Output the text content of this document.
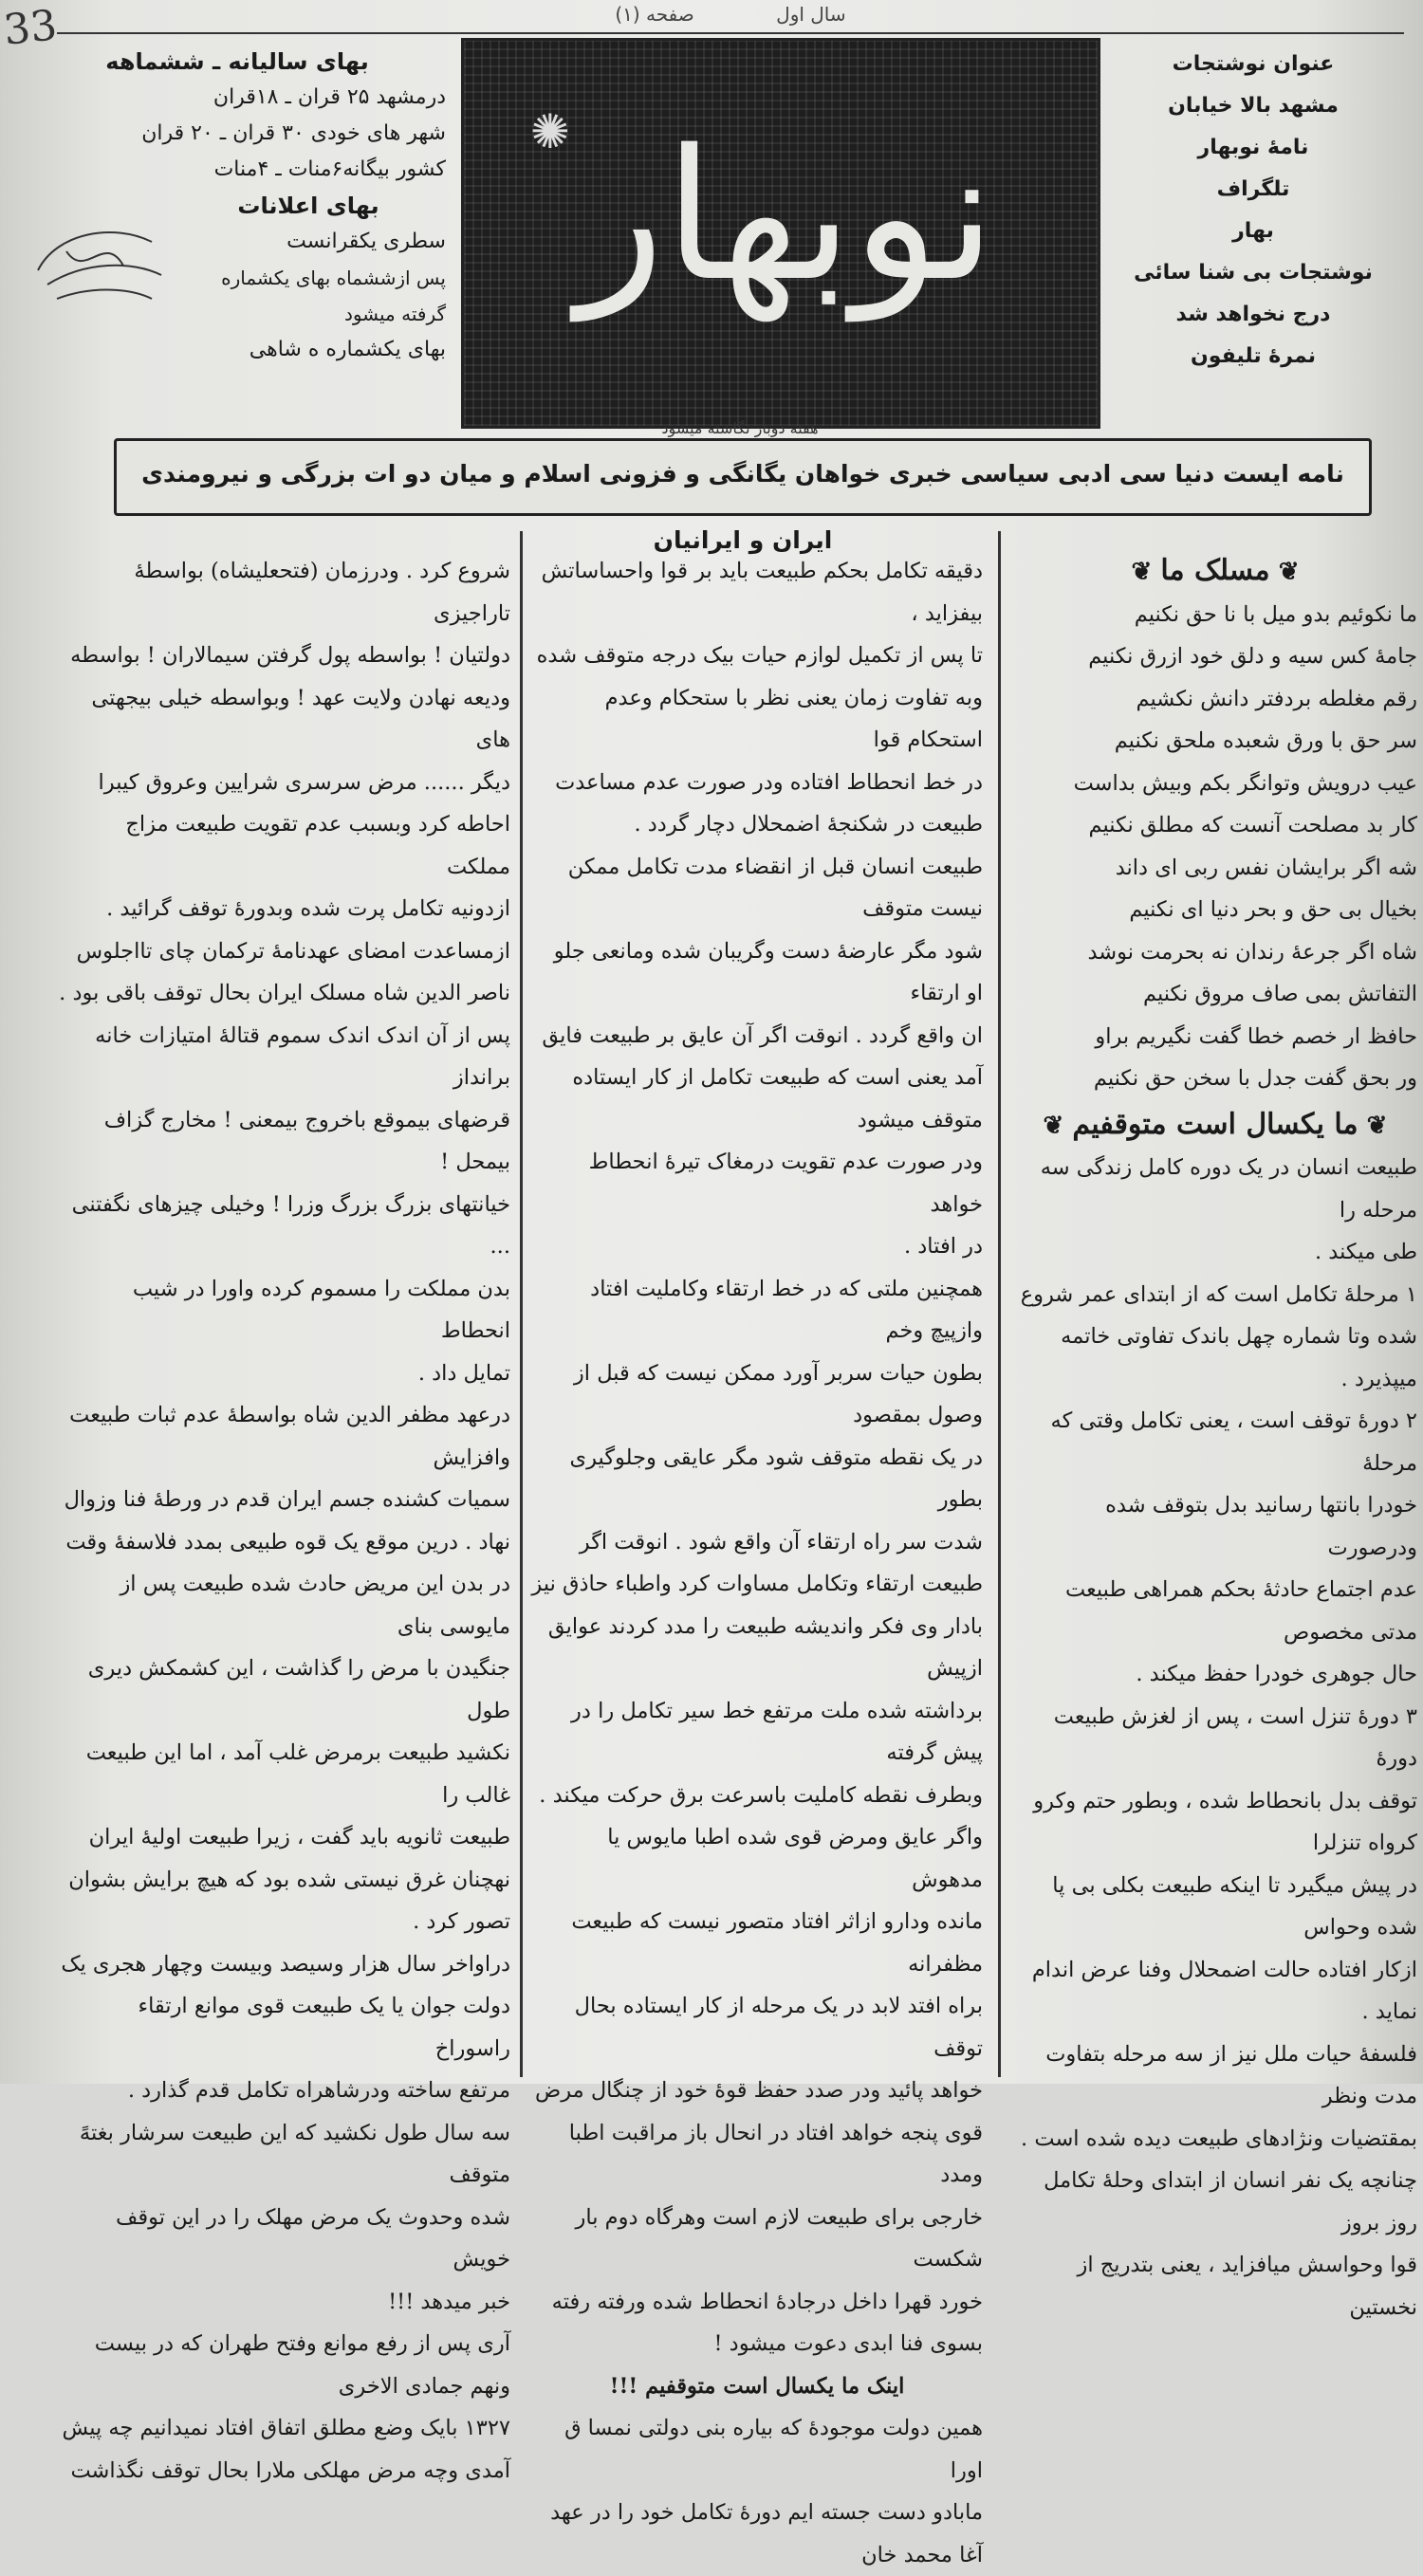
سال اول صفحه (۱)
33
بهای سالیانه ـ ششماهه
درمشهد ۲۵ قران ـ ۱۸قران
شهر های خودی ۳۰ قران ـ ۲۰ قران
کشور بیگانه۶منات ـ ۴منات
بهای اعلانات
سطری یکقرانست
پس ازششماه بهای یکشماره گرفته میشود
بهای یکشماره ه شاهی
✺ نوبهار
عنوان نوشتجات
مشهد بالا خیابان
نامهٔ نوبهار
تلگراف
بهار
نوشتجات بی شنا سائی
درج نخواهد شد
نمرهٔ تلیفون
هفته دوبار نگاشته میشود
نامه ایست دنیا سی ادبی سیاسی خبری خواهان یگانگی و فزونی اسلام و میان دو ات بزرگی و نیرومندی ایران و ایرانیان

❦ مسلک ما ❦

ما نکوئیم بدو میل با نا حق نکنیم

جامهٔ کس سیه و دلق خود ازرق نکنیم

رقم مغلطه بردفتر دانش نکشیم

سر حق با ورق شعبده ملحق نکنیم

عیب درویش وتوانگر بکم وبیش بداست

کار بد مصلحت آنست که مطلق نکنیم

شه اگر برایشان نفس ربی ای داند

بخیال بی حق و بحر دنیا ای نکنیم

شاه اگر جرعهٔ رندان نه بحرمت نوشد

التفاتش بمی صاف مروق نکنیم

حافظ ار خصم خطا گفت نگیریم براو

ور بحق گفت جدل با سخن حق نکنیم

❦ ما یکسال است متوقفیم ❦

طبیعت انسان در یک دوره کامل زندگی سه مرحله را

طی میکند .

۱ مرحلهٔ تکامل است که از ابتدای عمر شروع

شده وتا شماره چهل باندک تفاوتی خاتمه میپذیرد .

۲ دورهٔ توقف است ، یعنی تکامل وقتی که مرحلهٔ

خودرا بانتها رسانید بدل بتوقف شده ودرصورت

عدم اجتماع حادثهٔ بحکم همراهی طبیعت مدتی مخصوص

حال جوهری خودرا حفظ میکند .

۳ دورهٔ تنزل است ، پس از لغزش طبیعت دورهٔ

توقف بدل بانحطاط شده ، وبطور حتم وکرو کرواه تنزلرا

در پیش میگیرد تا اینکه طبیعت بکلی بی پا شده وحواس

ازکار افتاده حالت اضمحلال وفنا عرض اندام نماید .

فلسفهٔ حیات ملل نیز از سه مرحله بتفاوت مدت ونظر

بمقتضیات ونژادهای طبیعت دیده شده است .

چنانچه یک نفر انسان از ابتدای وحلهٔ تکامل روز بروز

قوا وحواسش میافزاید ، یعنی بتدریج از نخستین

دقیقه تکامل بحکم طبیعت باید بر قوا واحساساتش بیفزاید ،

تا پس از تکمیل لوازم حیات بیک درجه متوقف شده

وبه تفاوت زمان یعنی نظر با ستحکام وعدم استحکام قوا

در خط انحطاط افتاده ودر صورت عدم مساعدت

طبیعت در شکنجهٔ اضمحلال دچار گردد .

طبیعت انسان قبل از انقضاء مدت تکامل ممکن نیست متوقف

شود مگر عارضهٔ دست وگریبان شده ومانعی جلو او ارتقاء

ان واقع گردد . انوقت اگر آن عایق بر طبیعت فایق

آمد یعنی است که طبیعت تکامل از کار ایستاده متوقف میشود

ودر صورت عدم تقویت درمغاک تیرهٔ انحطاط خواهد

در افتاد .

همچنین ملتی که در خط ارتقاء وکاملیت افتاد وازپیچ وخم

بطون حیات سربر آورد ممکن نیست که قبل از وصول بمقصود

در یک نقطه متوقف شود مگر عایقی وجلوگیری بطور

شدت سر راه ارتقاء آن واقع شود . انوقت اگر

طبیعت ارتقاء وتکامل مساوات کرد واطباء حاذق نیز

بادار وی فکر واندیشه طبیعت را مدد کردند عوایق ازپیش

برداشته شده ملت مرتفع خط سیر تکامل را در پیش گرفته

وبطرف نقطه کاملیت باسرعت برق حرکت میکند .

واگر عایق ومرض قوی شده اطبا مایوس یا مدهوش

مانده ودارو ازاثر افتاد متصور نیست که طبیعت مظفرانه

براه افتد لابد در یک مرحله از کار ایستاده بحال توقف

خواهد پائید ودر صدد حفظ قوهٔ خود از چنگال مرض

قوی پنجه خواهد افتاد در انحال باز مراقبت اطبا ومدد

خارجی برای طبیعت لازم است وهرگاه دوم بار شکست

خورد قهرا داخل درجادهٔ انحطاط شده ورفته رفته

بسوی فنا ابدی دعوت میشود !

اینک ما یکسال است متوقفیم !!!

همین دولت موجودهٔ که بیاره بنی دولتی نمسا ق اورا

مابادو دست جسته ایم دورهٔ تکامل خود را در عهد آغا محمد خان

شروع کرد . ودرزمان (فتحعلیشاه) بواسطهٔ تاراجیزی

دولتیان ! بواسطه پول گرفتن سیمالاران ! بواسطه

ودیعه نهادن ولایت عهد ! وبواسطه خیلی بیجهتی های

دیگر ...... مرض سرسری شرایین وعروق کیبرا

احاطه کرد وبسبب عدم تقویت طبیعت مزاج مملکت

ازدونیه تکامل پرت شده وبدورهٔ توقف گرائید .

ازمساعدت امضای عهدنامهٔ ترکمان چای تااجلوس

ناصر الدین شاه مسلک ایران بحال توقف باقی بود .

پس از آن اندک اندک سموم قتالهٔ امتیازات خانه برانداز

قرضهای بیموقع باخروج بیمعنی ! مخارج گزاف بیمحل !

خیانتهای بزرگ بزرگ وزرا ! وخیلی چیزهای نگفتنی ...

بدن مملکت را مسموم کرده واورا در شیب انحطاط

تمایل داد .

درعهد مظفر الدین شاه بواسطهٔ عدم ثبات طبیعت وافزایش

سمیات کشنده جسم ایران قدم در ورطهٔ فنا وزوال

نهاد . درین موقع یک قوه طبیعی بمدد فلاسفهٔ وقت

در بدن این مریض حادث شده طبیعت پس از مایوسی بنای

جنگیدن با مرض را گذاشت ، این کشمکش دیری طول

نکشید طبیعت برمرض غلب آمد ، اما این طبیعت غالب را

طبیعت ثانویه باید گفت ، زیرا طبیعت اولیهٔ ایران

نهچنان غرق نیستی شده بود که هیچ برایش بشوان

تصور کرد .

دراواخر سال هزار وسیصد وبیست وچهار هجری یک

دولت جوان یا یک طبیعت قوی موانع ارتقاء راسوراخ

مرتفع ساخته ودرشاهراه تکامل قدم گذارد .

سه سال طول نکشید که این طبیعت سرشار بغتهً متوقف

شده وحدوث یک مرض مهلک را در این توقف خویش

خبر میدهد !!!

آری پس از رفع موانع وفتح طهران که در بیست ونهم جمادی الاخری

۱۳۲۷ بایک وضع مطلق اتفاق افتاد نمیدانیم چه پیش

آمدی وچه مرض مهلکی ملارا بحال توقف نگذاشت
